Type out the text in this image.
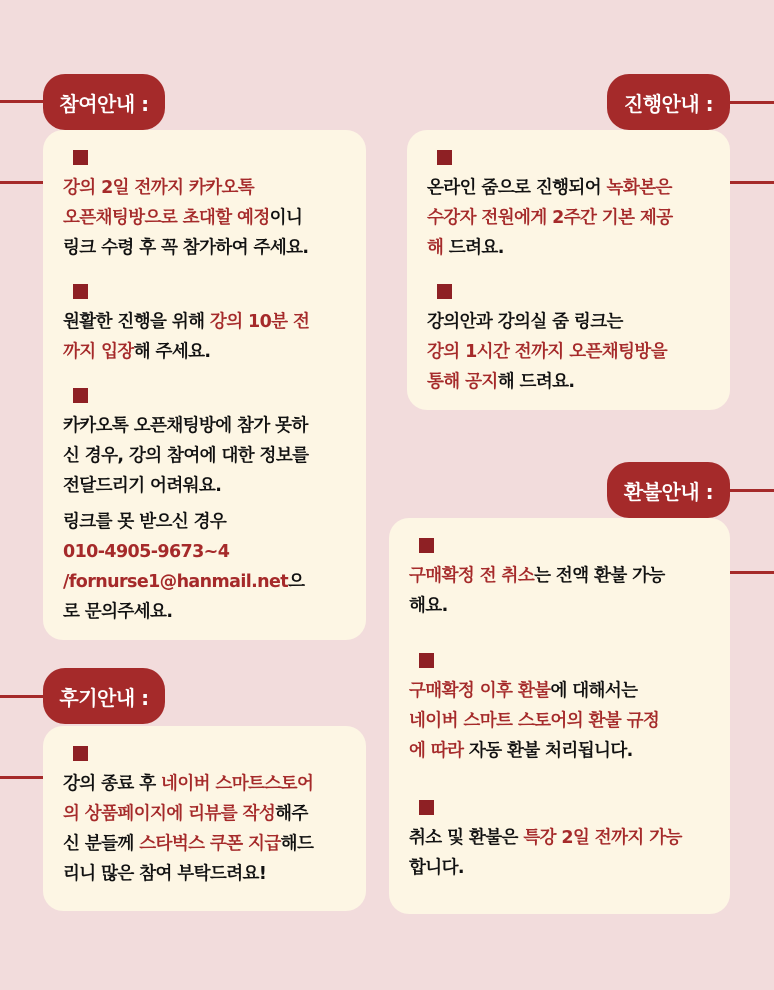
참여안내 :
강의 2일 전까지 카카오톡
오픈채팅방으로 초대할 예정이니
링크 수령 후 꼭 참가하여 주세요.
원활한 진행을 위해 강의 10분 전
까지 입장해 주세요.
카카오톡 오픈채팅방에 참가 못하
신 경우, 강의 참여에 대한 정보를
전달드리기 어려워요.
링크를 못 받으신 경우
010-4905-9673~4
/fornurse1@hanmail.net으
로 문의주세요.
진행안내 :
온라인 줌으로 진행되어 녹화본은
수강자 전원에게 2주간 기본 제공
해 드려요.
강의안과 강의실 줌 링크는
강의 1시간 전까지 오픈채팅방을
통해 공지해 드려요.
환불안내 :
구매확정 전 취소는 전액 환불 가능
해요.
구매확정 이후 환불에 대해서는
네이버 스마트 스토어의 환불 규정
에 따라 자동 환불 처리됩니다.
취소 및 환불은 특강 2일 전까지 가능
합니다.
후기안내 :
강의 종료 후 네이버 스마트스토어
의 상품페이지에 리뷰를 작성해주
신 분들께 스타벅스 쿠폰 지급해드
리니 많은 참여 부탁드려요!
